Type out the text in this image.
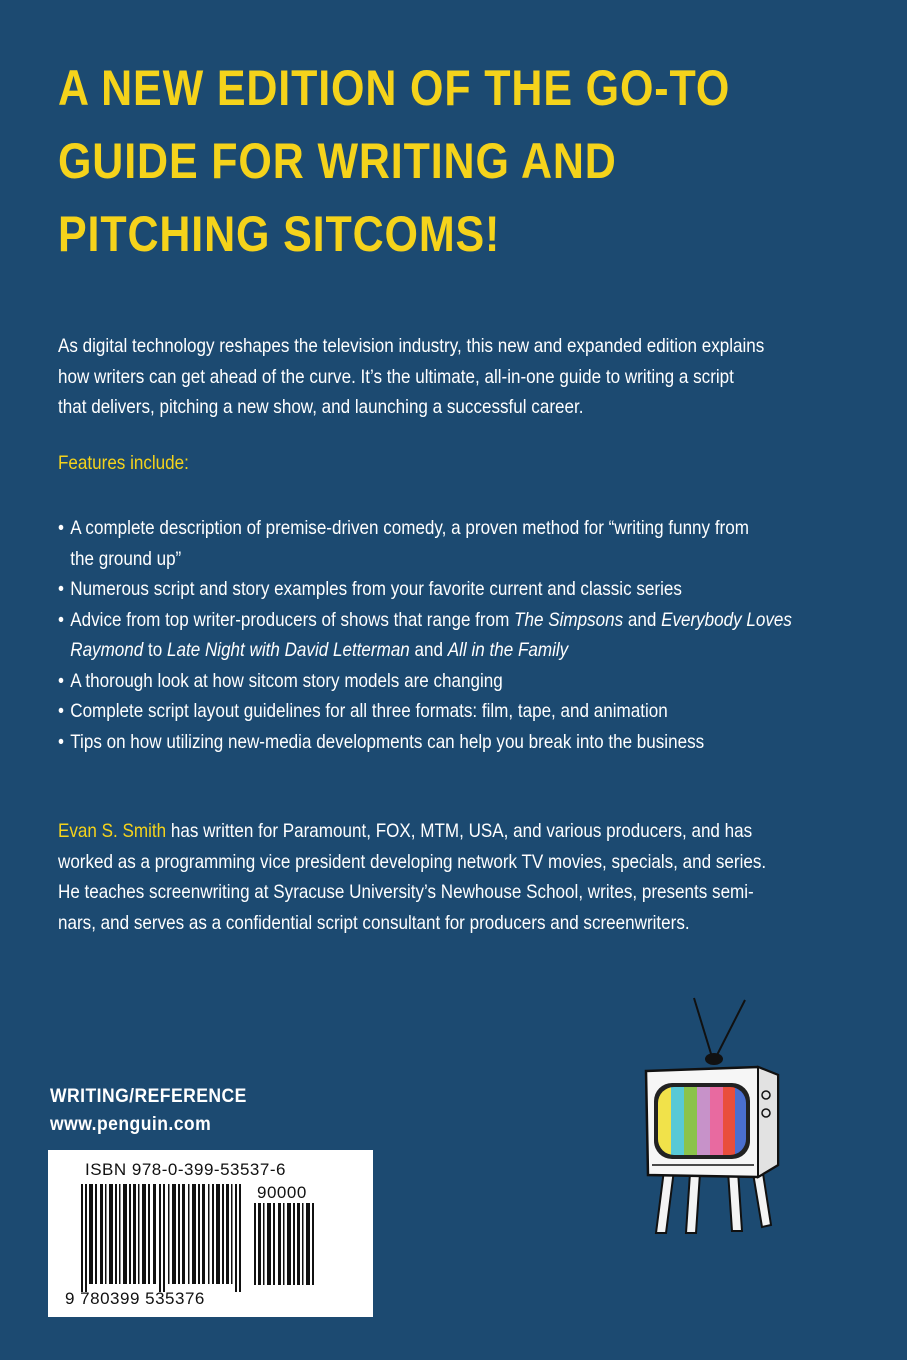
A NEW EDITION OF THE GO-TO
GUIDE FOR WRITING AND
PITCHING SITCOMS!
As digital technology reshapes the television industry, this new and expanded edition explains
how writers can get ahead of the curve. It’s the ultimate, all-in-one guide to writing a script
that delivers, pitching a new show, and launching a successful career.
Features include:
• A complete description of premise-driven comedy, a proven method for “writing funny from
the ground up”
• Numerous script and story examples from your favorite current and classic series
• Advice from top writer-producers of shows that range from The Simpsons and Everybody Loves
Raymond to Late Night with David Letterman and All in the Family
• A thorough look at how sitcom story models are changing
• Complete script layout guidelines for all three formats: film, tape, and animation
• Tips on how utilizing new-media developments can help you break into the business
Evan S. Smith has written for Paramount, FOX, MTM, USA, and various producers, and has
worked as a programming vice president developing network TV movies, specials, and series.
He teaches screenwriting at Syracuse University’s Newhouse School, writes, presents semi-
nars, and serves as a confidential script consultant for producers and screenwriters.
WRITING/REFERENCE
www.penguin.com
ISBN 978-0-399-53537-6
90000
9 780399 535376
